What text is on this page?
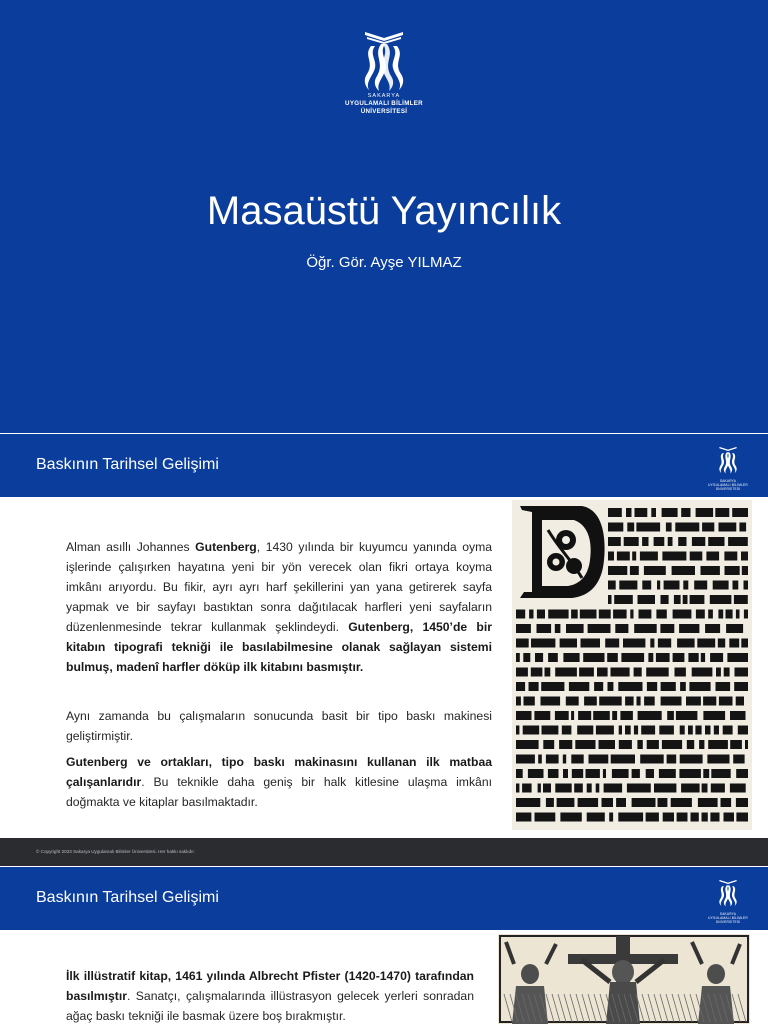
SAKARYA
UYGULAMALI BİLİMLER
ÜNİVERSİTESİ
Masaüstü Yayıncılık
Öğr. Gör. Ayşe YILMAZ
Baskının Tarihsel Gelişimi
SAKARYA
UYGULAMALI BİLİMLER
ÜNİVERSİTESİ

Alman asıllı Johannes Gutenberg, 1430 yılında bir kuyumcu yanında oyma işlerinde çalışırken hayatına yeni bir yön verecek olan fikri ortaya koyma imkânı arıyordu. Bu fikir, ayrı ayrı harf şekillerini yan yana getirerek sayfa yapmak ve bir sayfayı bastıktan sonra dağıtılacak harfleri yeni sayfaların düzenlenmesinde tekrar kullanmak şeklindeydi. Gutenberg, 1450’de bir kitabın tipografi tekniği ile basılabilmesine olanak sağlayan sistemi bulmuş, madenî harfler döküp ilk kitabını basmıştır.

Aynı zamanda bu çalışmaların sonucunda basit bir tipo baskı makinesi geliştirmiştir.

Gutenberg ve ortakları, tipo baskı makinasını kullanan ilk matbaa çalışanlarıdır. Bu teknikle daha geniş bir halk kitlesine ulaşma imkânı doğmakta ve kitaplar basılmaktadır.

© Copyright 2023 Sakarya Uygulamalı Bilimler Üniversitesi. Her hakkı saklıdır.
Baskının Tarihsel Gelişimi
SAKARYA
UYGULAMALI BİLİMLER
ÜNİVERSİTESİ

İlk illüstratif kitap, 1461 yılında Albrecht Pfister (1420-1470) tarafından basılmıştır. Sanatçı, çalışmalarında illüstrasyon gelecek yerleri sonradan ağaç baskı tekniği ile basmak üzere boş bırakmıştır.
